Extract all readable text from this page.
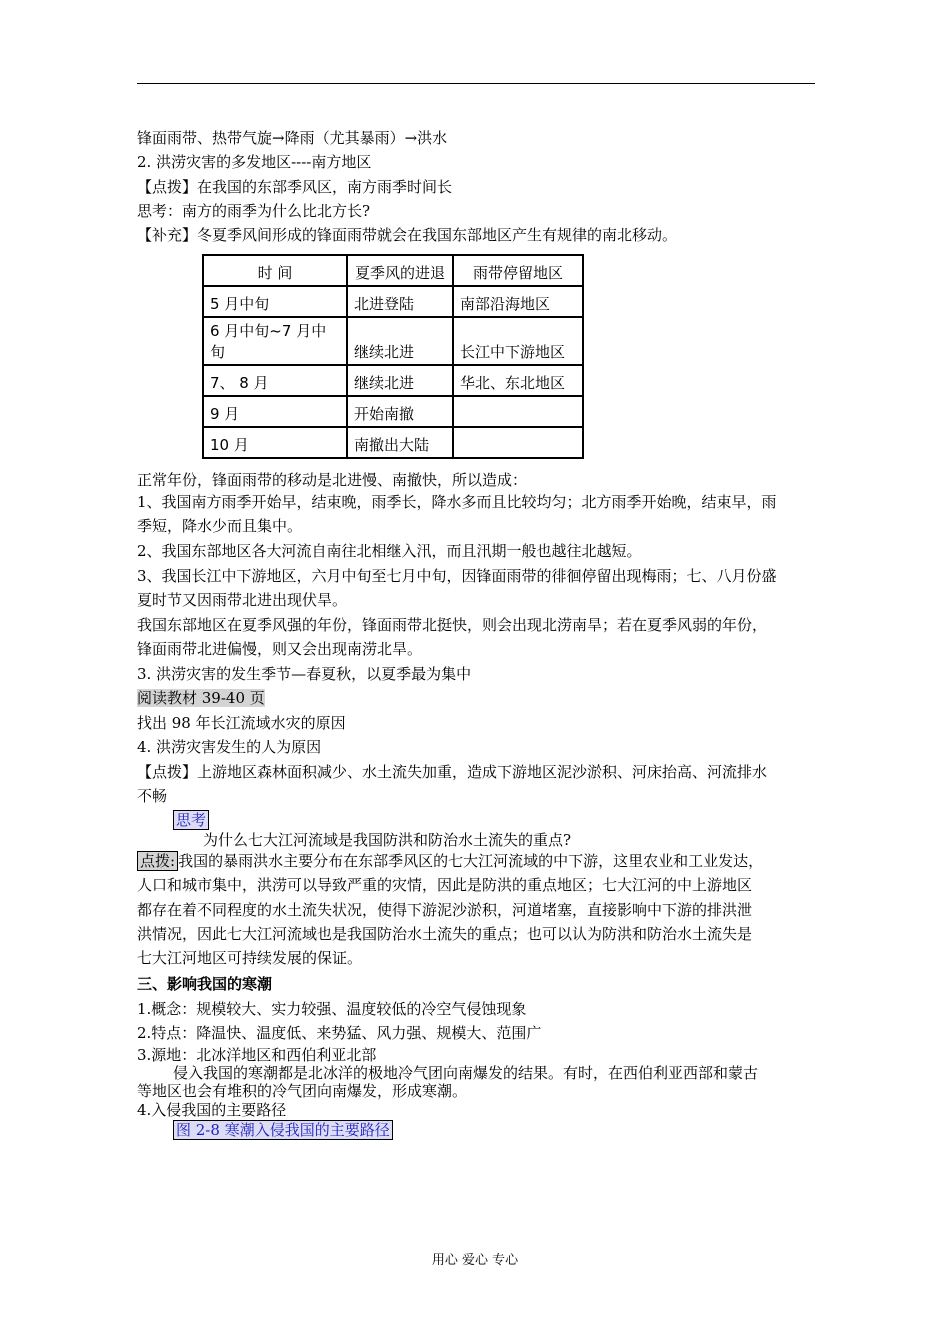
锋面雨带、热带气旋→降雨（尤其暴雨）→洪水
2. 洪涝灾害的多发地区----南方地区
【点拨】在我国的东部季风区，南方雨季时间长
思考：南方的雨季为什么比北方长?
【补充】冬夏季风间形成的锋面雨带就会在我国东部地区产生有规律的南北移动。
时 间	夏季风的进退	雨带停留地区
5 月中旬	北进登陆	南部沿海地区
6 月中旬~7 月中旬	继续北进	长江中下游地区
7、 8 月	继续北进	华北、东北地区
9 月	开始南撤	
10 月	南撤出大陆	
正常年份，锋面雨带的移动是北进慢、南撤快，所以造成：
1、我国南方雨季开始早，结束晚，雨季长，降水多而且比较均匀；北方雨季开始晚，结束早，雨
季短，降水少而且集中。
2、我国东部地区各大河流自南往北相继入汛，而且汛期一般也越往北越短。
3、我国长江中下游地区，六月中旬至七月中旬，因锋面雨带的徘徊停留出现梅雨；七、八月份盛
夏时节又因雨带北进出现伏旱。
我国东部地区在夏季风强的年份，锋面雨带北挺快，则会出现北涝南旱；若在夏季风弱的年份，
锋面雨带北进偏慢，则又会出现南涝北旱。
3. 洪涝灾害的发生季节—春夏秋，以夏季最为集中
阅读教材 39-40 页
找出 98 年长江流域水灾的原因
4. 洪涝灾害发生的人为原因
【点拨】上游地区森林面积减少、水土流失加重，造成下游地区泥沙淤积、河床抬高、河流排水
不畅
思考
为什么七大江河流域是我国防洪和防治水土流失的重点?
点拨: 我国的暴雨洪水主要分布在东部季风区的七大江河流域的中下游，这里农业和工业发达，
人口和城市集中，洪涝可以导致严重的灾情，因此是防洪的重点地区；七大江河的中上游地区
都存在着不同程度的水土流失状况，使得下游泥沙淤积，河道堵塞，直接影响中下游的排洪泄
洪情况，因此七大江河流域也是我国防治水土流失的重点；也可以认为防洪和防治水土流失是
七大江河地区可持续发展的保证。
三、影响我国的寒潮
1.概念：规模较大、实力较强、温度较低的冷空气侵蚀现象
2.特点：降温快、温度低、来势猛、风力强、规模大、范围广
3.源地：北冰洋地区和西伯利亚北部
侵入我国的寒潮都是北冰洋的极地冷气团向南爆发的结果。有时，在西伯利亚西部和蒙古
等地区也会有堆积的冷气团向南爆发，形成寒潮。
4.入侵我国的主要路径
图 2-8 寒潮入侵我国的主要路径
用心 爱心 专心
